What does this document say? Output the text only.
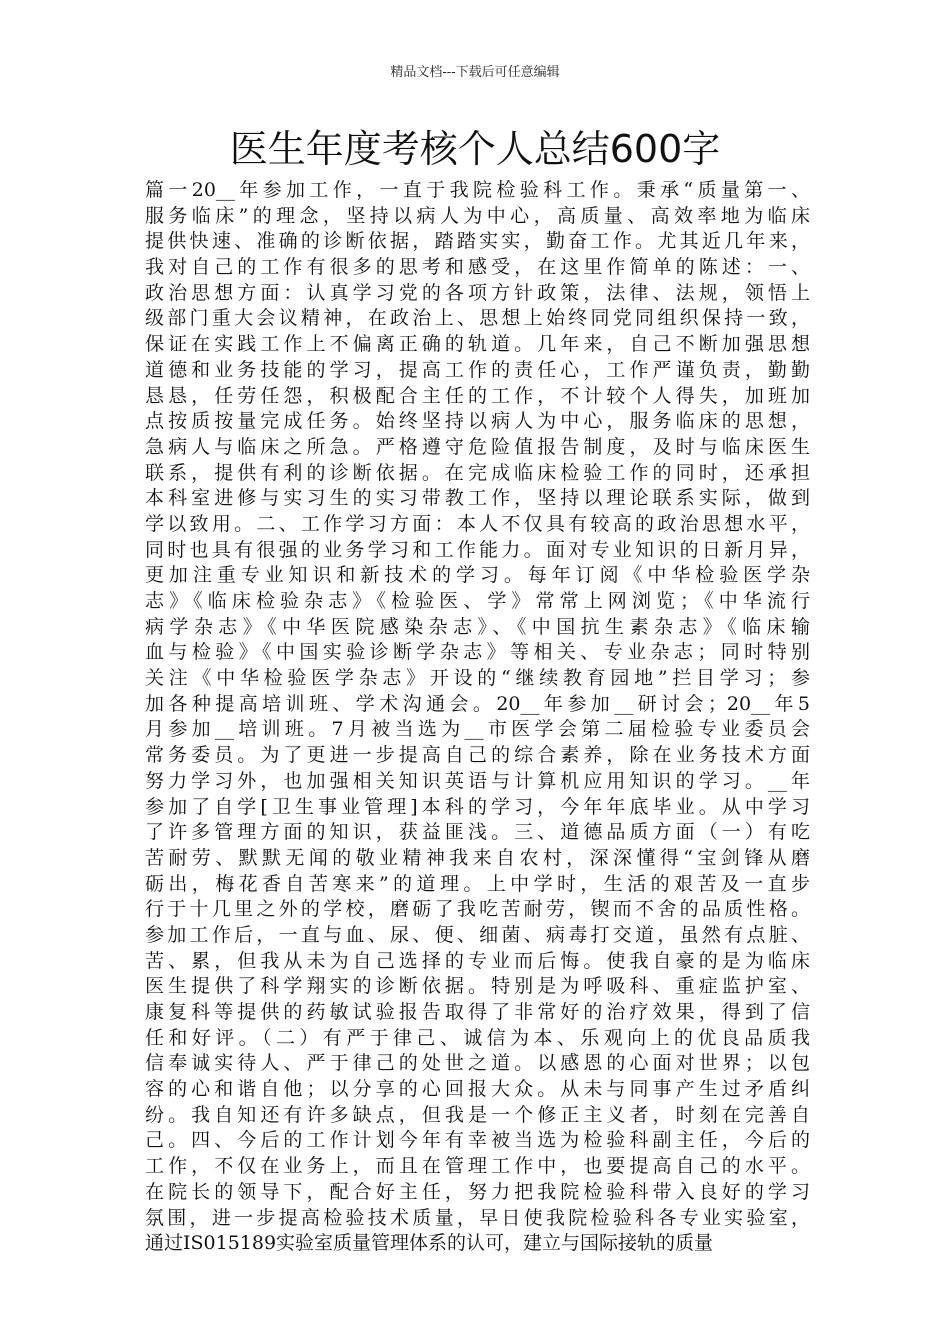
精品文档---下载后可任意编辑
医生年度考核个人总结600字
篇一20__年参加工作，一直于我院检验科工作。秉承“质量第一、
服务临床”的理念，坚持以病人为中心，高质量、高效率地为临床
提供快速、准确的诊断依据，踏踏实实，勤奋工作。尤其近几年来，
我对自己的工作有很多的思考和感受，在这里作简单的陈述：一、
政治思想方面：认真学习党的各项方针政策，法律、法规，领悟上
级部门重大会议精神，在政治上、思想上始终同党同组织保持一致，
保证在实践工作上不偏离正确的轨道。几年来，自己不断加强思想
道德和业务技能的学习，提高工作的责任心，工作严谨负责，勤勤
恳恳，任劳任怨，积极配合主任的工作，不计较个人得失，加班加
点按质按量完成任务。始终坚持以病人为中心，服务临床的思想，
急病人与临床之所急。严格遵守危险值报告制度，及时与临床医生
联系，提供有利的诊断依据。在完成临床检验工作的同时，还承担
本科室进修与实习生的实习带教工作，坚持以理论联系实际，做到
学以致用。二、工作学习方面：本人不仅具有较高的政治思想水平，
同时也具有很强的业务学习和工作能力。面对专业知识的日新月异，
更加注重专业知识和新技术的学习。每年订阅《中华检验医学杂
志》《临床检验杂志》《检验医、学》常常上网浏览；《中华流行
病学杂志》《中华医院感染杂志》、《中国抗生素杂志》《临床输
血与检验》《中国实验诊断学杂志》等相关、专业杂志；同时特别
关注《中华检验医学杂志》开设的“继续教育园地”拦目学习；参
加各种提高培训班、学术沟通会。20__年参加__研讨会；20__年5
月参加__培训班。7月被当选为__市医学会第二届检验专业委员会
常务委员。为了更进一步提高自己的综合素养，除在业务技术方面
努力学习外，也加强相关知识英语与计算机应用知识的学习。__年
参加了自学[卫生事业管理]本科的学习，今年年底毕业。从中学习
了许多管理方面的知识，获益匪浅。三、道德品质方面（一）有吃
苦耐劳、默默无闻的敬业精神我来自农村，深深懂得“宝剑锋从磨
砺出，梅花香自苦寒来”的道理。上中学时，生活的艰苦及一直步
行于十几里之外的学校，磨砺了我吃苦耐劳，锲而不舍的品质性格。
参加工作后，一直与血、尿、便、细菌、病毒打交道，虽然有点脏、
苦、累，但我从未为自己选择的专业而后悔。使我自豪的是为临床
医生提供了科学翔实的诊断依据。特别是为呼吸科、重症监护室、
康复科等提供的药敏试验报告取得了非常好的治疗效果，得到了信
任和好评。（二）有严于律己、诚信为本、乐观向上的优良品质我
信奉诚实待人、严于律己的处世之道。以感恩的心面对世界；以包
容的心和谐自他；以分享的心回报大众。从未与同事产生过矛盾纠
纷。我自知还有许多缺点，但我是一个修正主义者，时刻在完善自
己。四、今后的工作计划今年有幸被当选为检验科副主任，今后的
工作，不仅在业务上，而且在管理工作中，也要提高自己的水平。
在院长的领导下，配合好主任，努力把我院检验科带入良好的学习
氛围，进一步提高检验技术质量，早日使我院检验科各专业实验室，
通过IS015189实验室质量管理体系的认可，建立与国际接轨的质量
